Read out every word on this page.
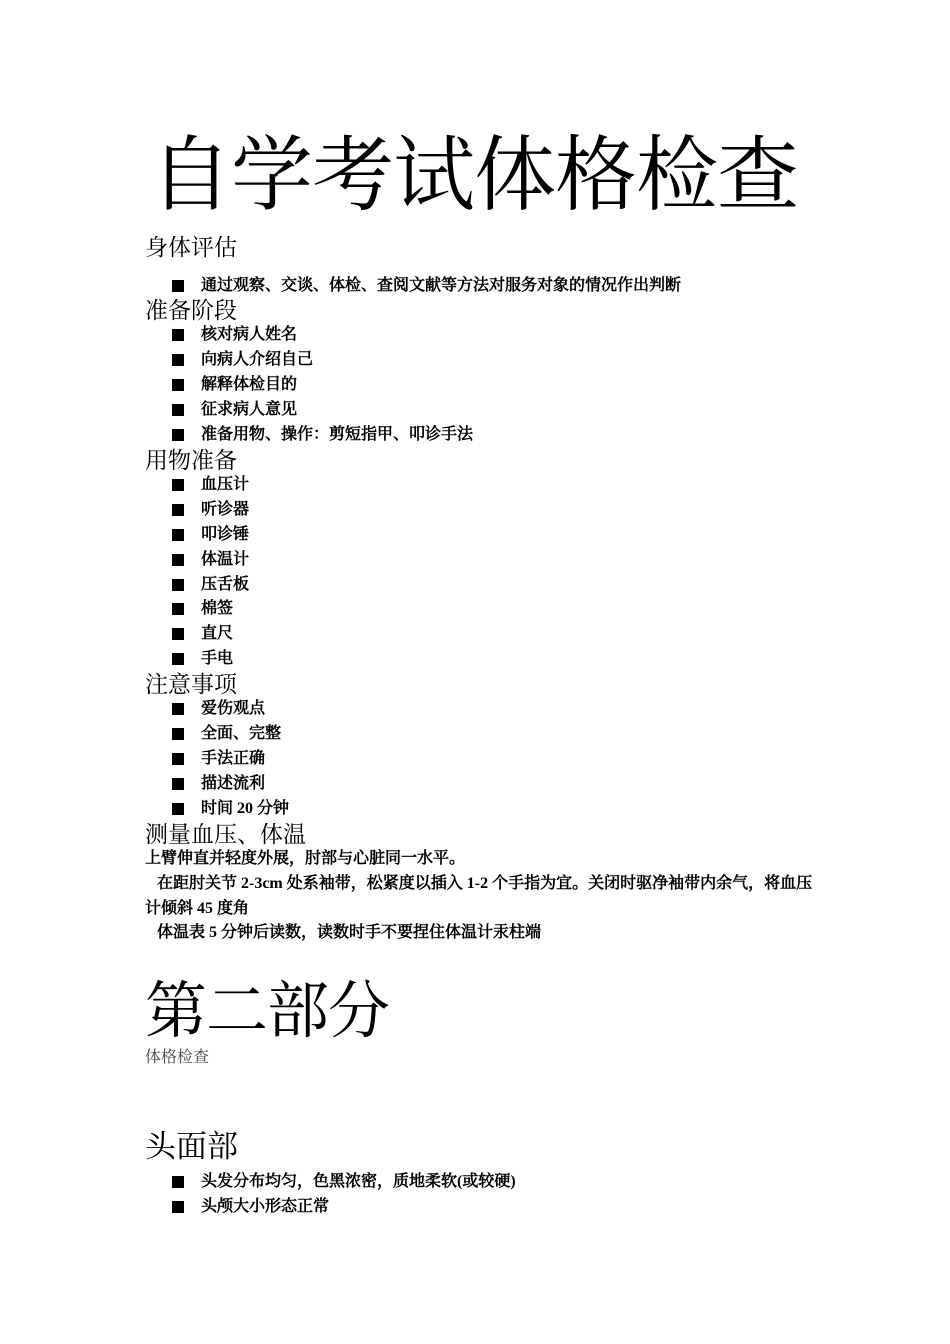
自学考试体格检查
身体评估
通过观察、交谈、体检、查阅文献等方法对服务对象的情况作出判断
准备阶段
核对病人姓名
向病人介绍自己
解释体检目的
征求病人意见
准备用物、操作：剪短指甲、叩诊手法
用物准备
血压计
听诊器
叩诊锤
体温计
压舌板
棉签
直尺
手电
注意事项
爱伤观点
全面、完整
手法正确
描述流利
时间 20 分钟
测量血压、体温
上臂伸直并轻度外展，肘部与心脏同一水平。
在距肘关节 2-3cm 处系袖带，松紧度以插入 1-2 个手指为宜。关闭时驱净袖带内余气，将血压计倾斜 45 度角
体温表 5 分钟后读数，读数时手不要捏住体温计汞柱端
第二部分
体格检查
头面部
头发分布均匀，色黑浓密，质地柔软(或较硬)
头颅大小形态正常
